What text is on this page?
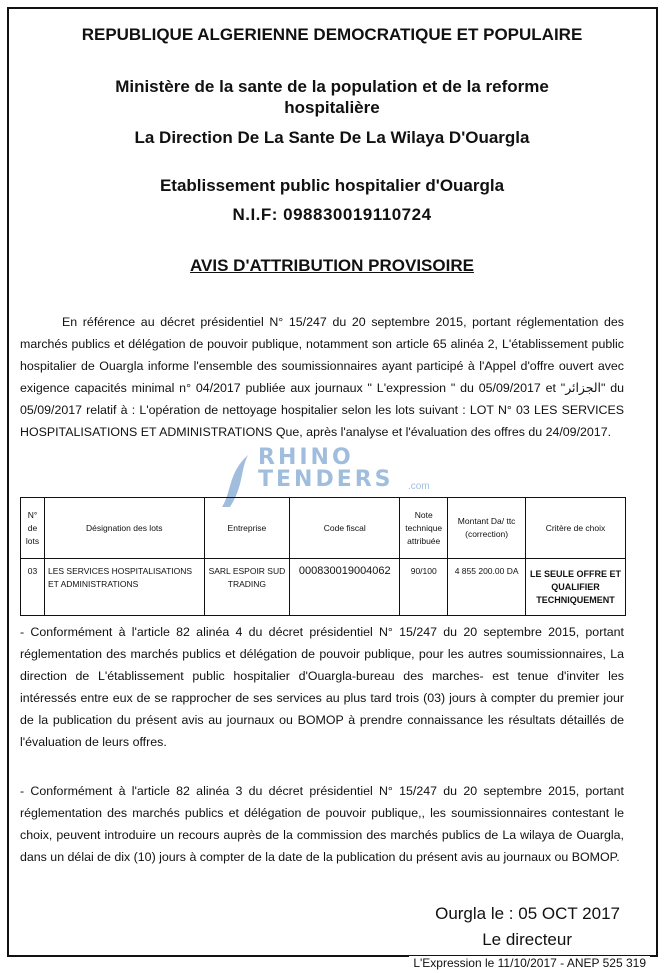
REPUBLIQUE ALGERIENNE DEMOCRATIQUE ET POPULAIRE
Ministère de la sante de la population et de la reforme
hospitalière
La Direction De La Sante De La Wilaya D'Ouargla
Etablissement public hospitalier d'Ouargla
N.I.F: 098830019110724
AVIS D'ATTRIBUTION PROVISOIRE
En référence au décret présidentiel N° 15/247 du 20 septembre 2015, portant réglementation des marchés publics et délégation de pouvoir publique, notamment son article 65 alinéa 2, L'établissement public hospitalier de Ouargla informe l'ensemble des soumissionnaires ayant participé à l'Appel d'offre ouvert avec exigence capacités minimal n° 04/2017 publiée aux journaux " L'expression " du 05/09/2017 et "الجزائر" du 05/09/2017 relatif à : L'opération de nettoyage hospitalier selon les lots suivant : LOT N° 03 LES SERVICES HOSPITALISATIONS ET ADMINISTRATIONS Que, après l'analyse et l'évaluation des offres du 24/09/2017.
RHINO
TENDERS .com
N° de lots	Désignation des lots	Entreprise	Code fiscal	Note technique attribuée	Montant Da/ ttc (correction)	Critère de choix
03	LES SERVICES HOSPITALISATIONS ET ADMINISTRATIONS	SARL ESPOIR SUD TRADING	000830019004062	90/100	4 855 200.00 DA	LE SEULE OFFRE ET QUALIFIER TECHNIQUEMENT
- Conformément à l'article 82 alinéa 4 du décret présidentiel N° 15/247 du 20 septembre 2015, portant réglementation des marchés publics et délégation de pouvoir publique, pour les autres soumissionnaires, La direction de L'établissement public hospitalier d'Ouargla-bureau des marches- est tenue d'inviter les intéressés entre eux de se rapprocher de ses services au plus tard trois (03) jours à compter du premier jour de la publication du présent avis au journaux ou BOMOP à prendre connaissance les résultats détaillés de l'évaluation de leurs offres.
- Conformément à l'article 82 alinéa 3 du décret présidentiel N° 15/247 du 20 septembre 2015, portant réglementation des marchés publics et délégation de pouvoir publique,, les soumissionnaires contestant le choix, peuvent introduire un recours auprès de la commission des marchés publics de La wilaya de Ouargla, dans un délai de dix (10) jours à compter de la date de la publication du présent avis au journaux ou BOMOP.
Ourgla le : 05 OCT 2017
Le directeur
L'Expression le 11/10/2017 - ANEP 525 319
